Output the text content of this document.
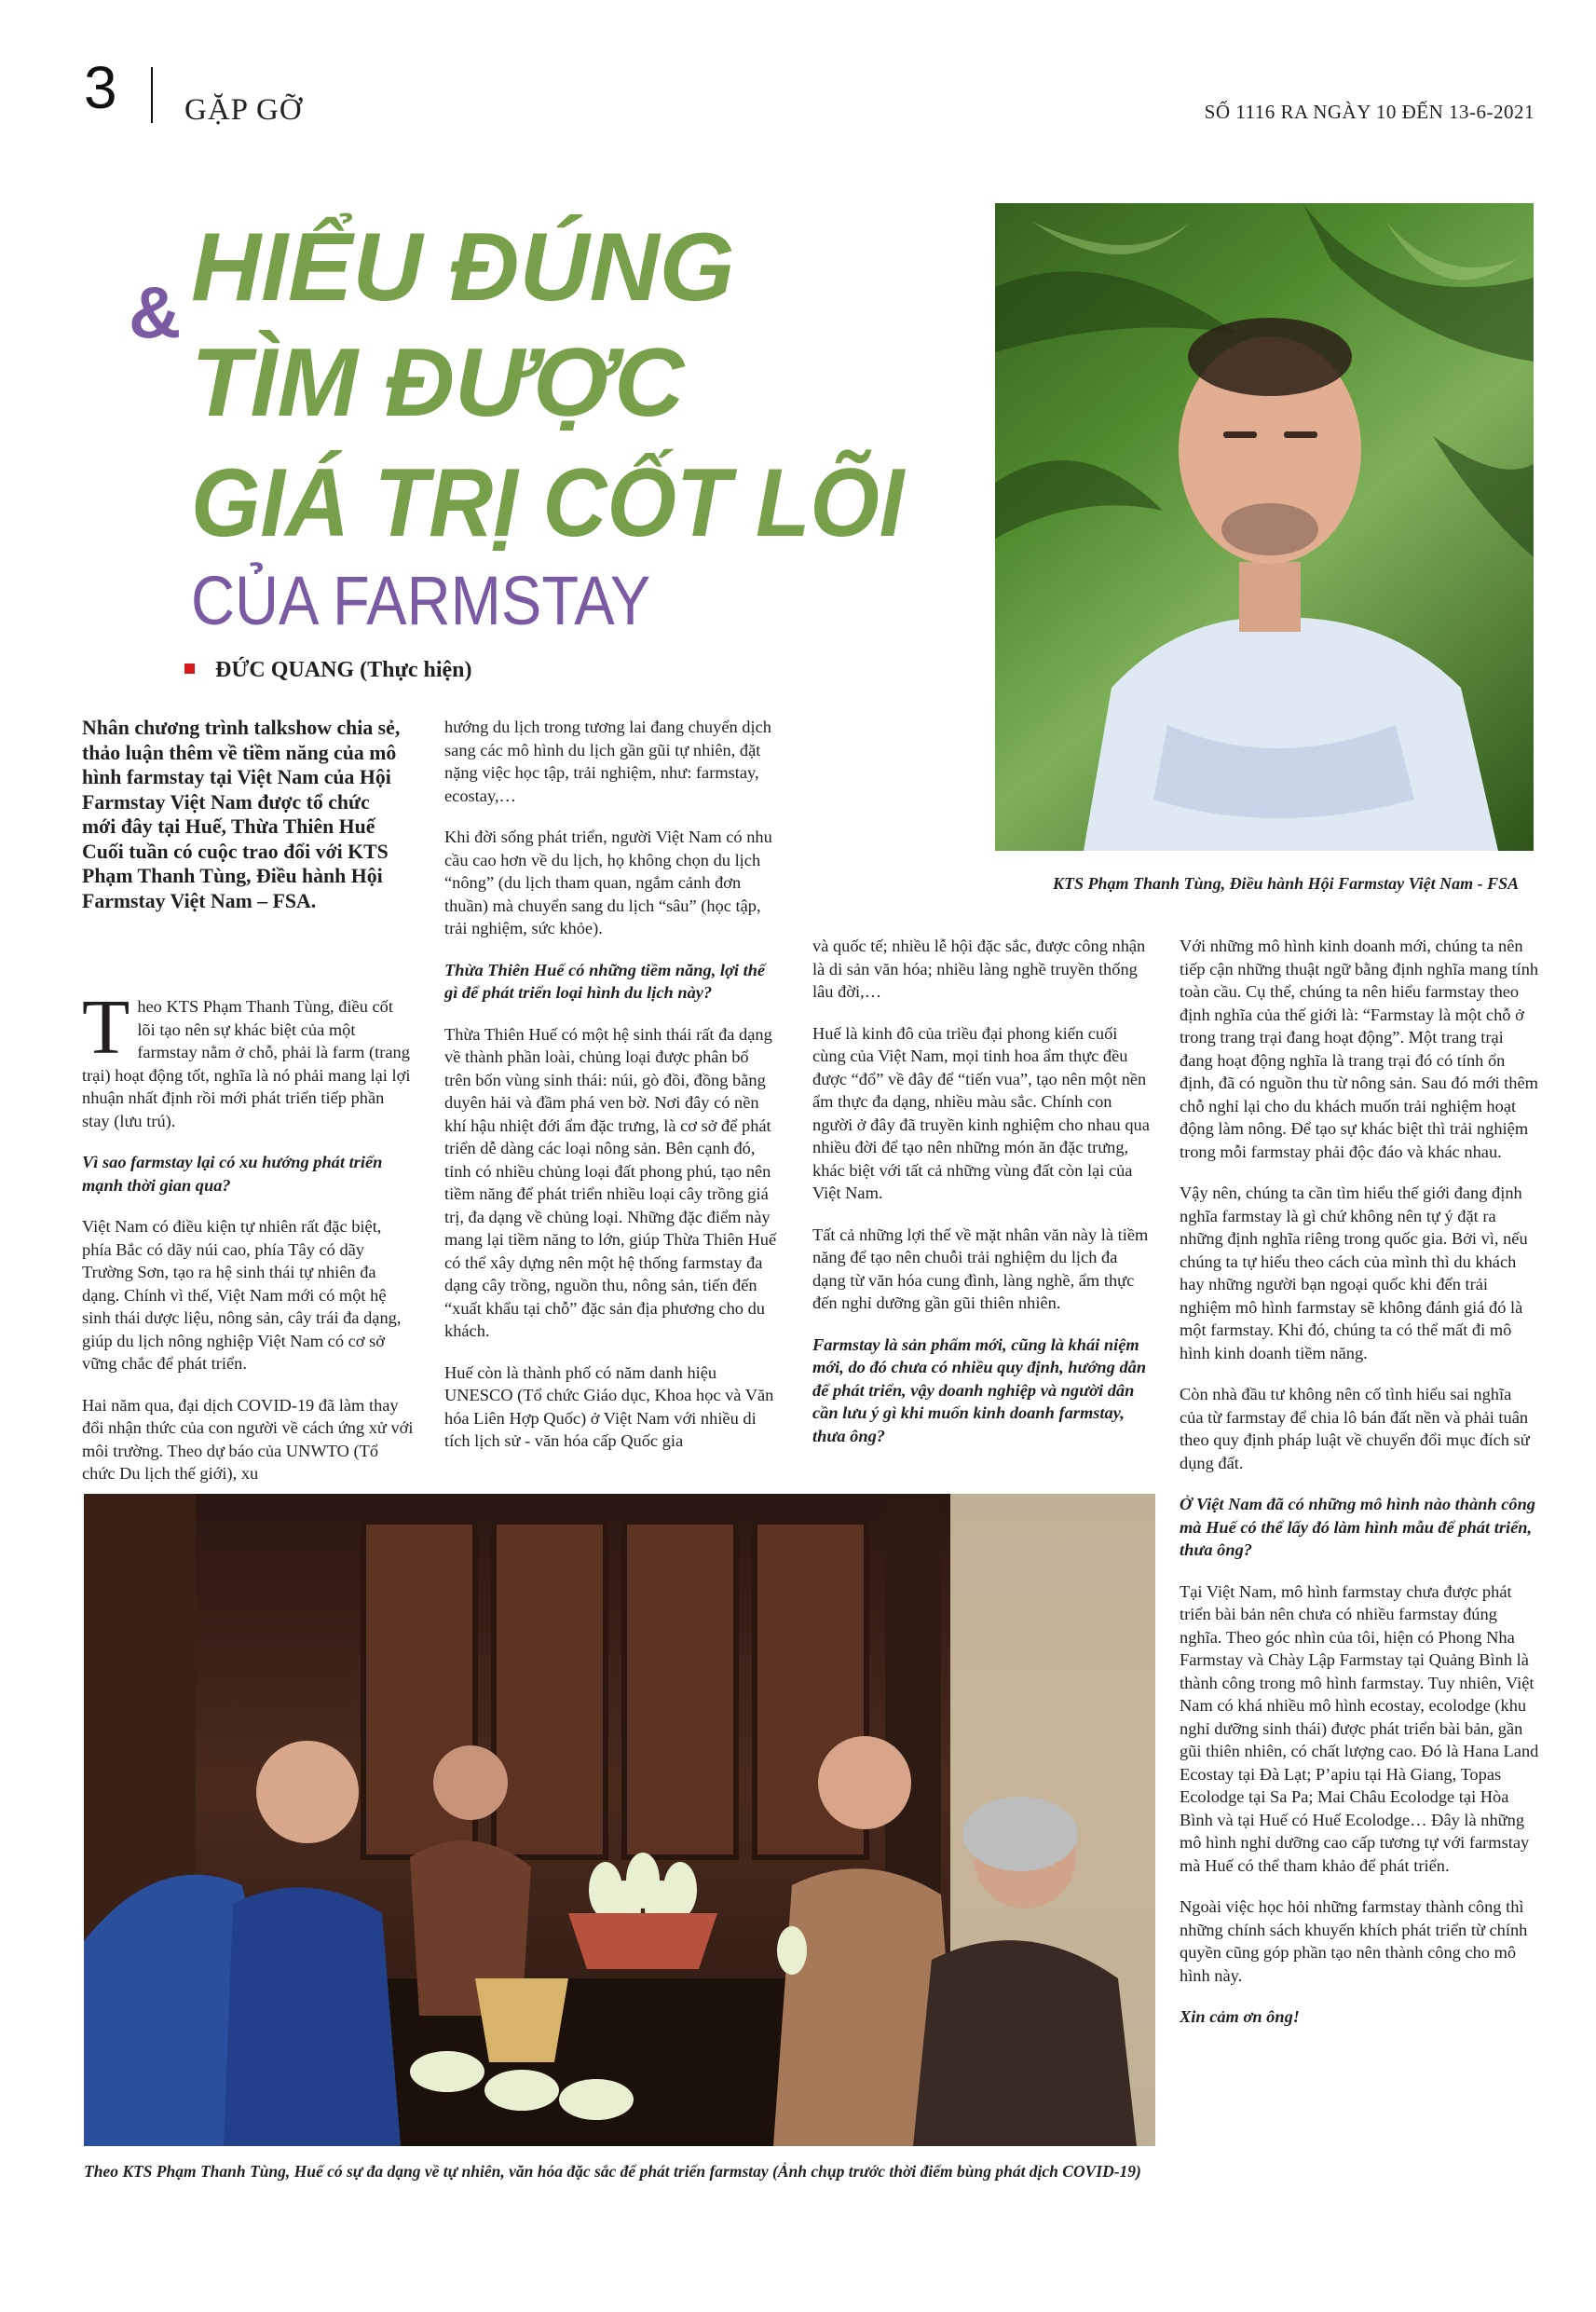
3 GẶP GỠ	SỐ 1116 RA NGÀY 10 ĐẾN 13-6-2021
& HIỂU ĐÚNG
TÌM ĐƯỢC
GIÁ TRỊ CỐT LÕI
CỦA FARMSTAY
ĐỨC QUANG (Thực hiện)
KTS Phạm Thanh Tùng, Điều hành Hội Farmstay Việt Nam - FSA
Nhân chương trình talkshow chia sẻ, thảo luận thêm về tiềm năng của mô hình farmstay tại Việt Nam của Hội Farmstay Việt Nam được tổ chức mới đây tại Huế, Thừa Thiên Huế Cuối tuần có cuộc trao đổi với KTS Phạm Thanh Tùng, Điều hành Hội Farmstay Việt Nam – FSA.

Theo KTS Phạm Thanh Tùng, điều cốt lõi tạo nên sự khác biệt của một farmstay nằm ở chỗ, phải là farm (trang trại) hoạt động tốt, nghĩa là nó phải mang lại lợi nhuận nhất định rồi mới phát triển tiếp phần stay (lưu trú).

Vì sao farmstay lại có xu hướng phát triển mạnh thời gian qua?

Việt Nam có điều kiện tự nhiên rất đặc biệt, phía Bắc có dãy núi cao, phía Tây có dãy Trường Sơn, tạo ra hệ sinh thái tự nhiên đa dạng. Chính vì thế, Việt Nam mới có một hệ sinh thái dược liệu, nông sản, cây trái đa dạng, giúp du lịch nông nghiệp Việt Nam có cơ sở vững chắc để phát triển.

Hai năm qua, đại dịch COVID-19 đã làm thay đổi nhận thức của con người về cách ứng xử với môi trường. Theo dự báo của UNWTO (Tổ chức Du lịch thế giới), xu

hướng du lịch trong tương lai đang chuyển dịch sang các mô hình du lịch gần gũi tự nhiên, đặt nặng việc học tập, trải nghiệm, như: farmstay, ecostay,…

Khi đời sống phát triển, người Việt Nam có nhu cầu cao hơn về du lịch, họ không chọn du lịch “nông” (du lịch tham quan, ngắm cảnh đơn thuần) mà chuyển sang du lịch “sâu” (học tập, trải nghiệm, sức khỏe).

Thừa Thiên Huế có những tiềm năng, lợi thế gì để phát triển loại hình du lịch này?

Thừa Thiên Huế có một hệ sinh thái rất đa dạng về thành phần loài, chủng loại được phân bổ trên bốn vùng sinh thái: núi, gò đồi, đồng bằng duyên hải và đầm phá ven bờ. Nơi đây có nền khí hậu nhiệt đới ẩm đặc trưng, là cơ sở để phát triển dễ dàng các loại nông sản. Bên cạnh đó, tỉnh có nhiều chủng loại đất phong phú, tạo nên tiềm năng để phát triển nhiều loại cây trồng giá trị, đa dạng về chủng loại. Những đặc điểm này mang lại tiềm năng to lớn, giúp Thừa Thiên Huế có thể xây dựng nên một hệ thống farmstay đa dạng cây trồng, nguồn thu, nông sản, tiến đến “xuất khẩu tại chỗ” đặc sản địa phương cho du khách.

Huế còn là thành phố có năm danh hiệu UNESCO (Tổ chức Giáo dục, Khoa học và Văn hóa Liên Hợp Quốc) ở Việt Nam với nhiều di tích lịch sử - văn hóa cấp Quốc gia

và quốc tế; nhiều lễ hội đặc sắc, được công nhận là di sản văn hóa; nhiều làng nghề truyền thống lâu đời,…

Huế là kinh đô của triều đại phong kiến cuối cùng của Việt Nam, mọi tinh hoa ẩm thực đều được “đổ” về đây để “tiến vua”, tạo nên một nền ẩm thực đa dạng, nhiều màu sắc. Chính con người ở đây đã truyền kinh nghiệm cho nhau qua nhiều đời để tạo nên những món ăn đặc trưng, khác biệt với tất cả những vùng đất còn lại của Việt Nam.

Tất cả những lợi thế về mặt nhân văn này là tiềm năng để tạo nên chuỗi trải nghiệm du lịch đa dạng từ văn hóa cung đình, làng nghề, ẩm thực đến nghỉ dưỡng gần gũi thiên nhiên.

Farmstay là sản phẩm mới, cũng là khái niệm mới, do đó chưa có nhiều quy định, hướng dẫn để phát triển, vậy doanh nghiệp và người dân cần lưu ý gì khi muốn kinh doanh farmstay, thưa ông?

Với những mô hình kinh doanh mới, chúng ta nên tiếp cận những thuật ngữ bằng định nghĩa mang tính toàn cầu. Cụ thể, chúng ta nên hiểu farmstay theo định nghĩa của thế giới là: “Farmstay là một chỗ ở trong trang trại đang hoạt động”. Một trang trại đang hoạt động nghĩa là trang trại đó có tính ổn định, đã có nguồn thu từ nông sản. Sau đó mới thêm chỗ nghỉ lại cho du khách muốn trải nghiệm hoạt động làm nông. Để tạo sự khác biệt thì trải nghiệm trong mỗi farmstay phải độc đáo và khác nhau.

Vậy nên, chúng ta cần tìm hiểu thế giới đang định nghĩa farmstay là gì chứ không nên tự ý đặt ra những định nghĩa riêng trong quốc gia. Bởi vì, nếu chúng ta tự hiểu theo cách của mình thì du khách hay những người bạn ngoại quốc khi đến trải nghiệm mô hình farmstay sẽ không đánh giá đó là một farmstay. Khi đó, chúng ta có thể mất đi mô hình kinh doanh tiềm năng.

Còn nhà đầu tư không nên cố tình hiểu sai nghĩa của từ farmstay để chia lô bán đất nền và phải tuân theo quy định pháp luật về chuyển đổi mục đích sử dụng đất.

Ở Việt Nam đã có những mô hình nào thành công mà Huế có thể lấy đó làm hình mẫu để phát triển, thưa ông?

Tại Việt Nam, mô hình farmstay chưa được phát triển bài bản nên chưa có nhiều farmstay đúng nghĩa. Theo góc nhìn của tôi, hiện có Phong Nha Farmstay và Chày Lập Farmstay tại Quảng Bình là thành công trong mô hình farmstay. Tuy nhiên, Việt Nam có khá nhiều mô hình ecostay, ecolodge (khu nghỉ dưỡng sinh thái) được phát triển bài bản, gần gũi thiên nhiên, có chất lượng cao. Đó là Hana Land Ecostay tại Đà Lạt; P’apiu tại Hà Giang, Topas Ecolodge tại Sa Pa; Mai Châu Ecolodge tại Hòa Bình và tại Huế có Huế Ecolodge… Đây là những mô hình nghỉ dưỡng cao cấp tương tự với farmstay mà Huế có thể tham khảo để phát triển.

Ngoài việc học hỏi những farmstay thành công thì những chính sách khuyến khích phát triển từ chính quyền cũng góp phần tạo nên thành công cho mô hình này.

Xin cảm ơn ông!

Theo KTS Phạm Thanh Tùng, Huế có sự đa dạng về tự nhiên, văn hóa đặc sắc để phát triển farmstay (Ảnh chụp trước thời điểm bùng phát dịch COVID-19)
